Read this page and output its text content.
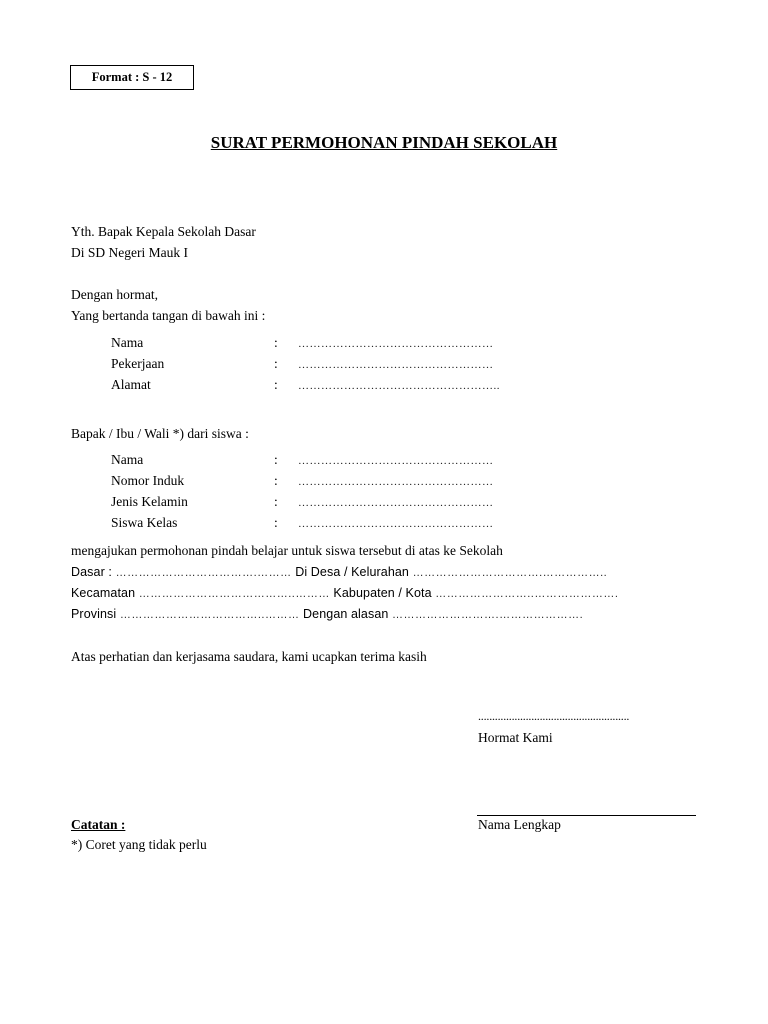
Format : S - 12
SURAT PERMOHONAN PINDAH SEKOLAH
Yth. Bapak Kepala Sekolah Dasar
Di SD Negeri Mauk I
Dengan hormat,
Yang bertanda tangan di bawah ini :
Nama	: ……………………………………………
Pekerjaan	: ……………………………………………
Alamat	: ……………………………………………..
Bapak / Ibu / Wali *) dari siswa :
Nama	: ……………………………………………
Nomor Induk	: ……………………………………………
Jenis Kelamin	: ……………………………………………
Siswa Kelas	: ……………………………………………
mengajukan permohonan pindah belajar untuk siswa tersebut di atas ke Sekolah
Dasar : ……………………………….……… Di Desa / Kelurahan …………………………….……………..
Kecamatan …………………………………..……… Kabupaten / Kota ……………………..………………….
Provinsi ………………………………..……… Dengan alasan ……………………….………………….
Atas perhatian dan kerjasama saudara, kami ucapkan terima kasih
......................................................
Hormat Kami
Nama Lengkap
Catatan :
*) Coret yang tidak perlu
